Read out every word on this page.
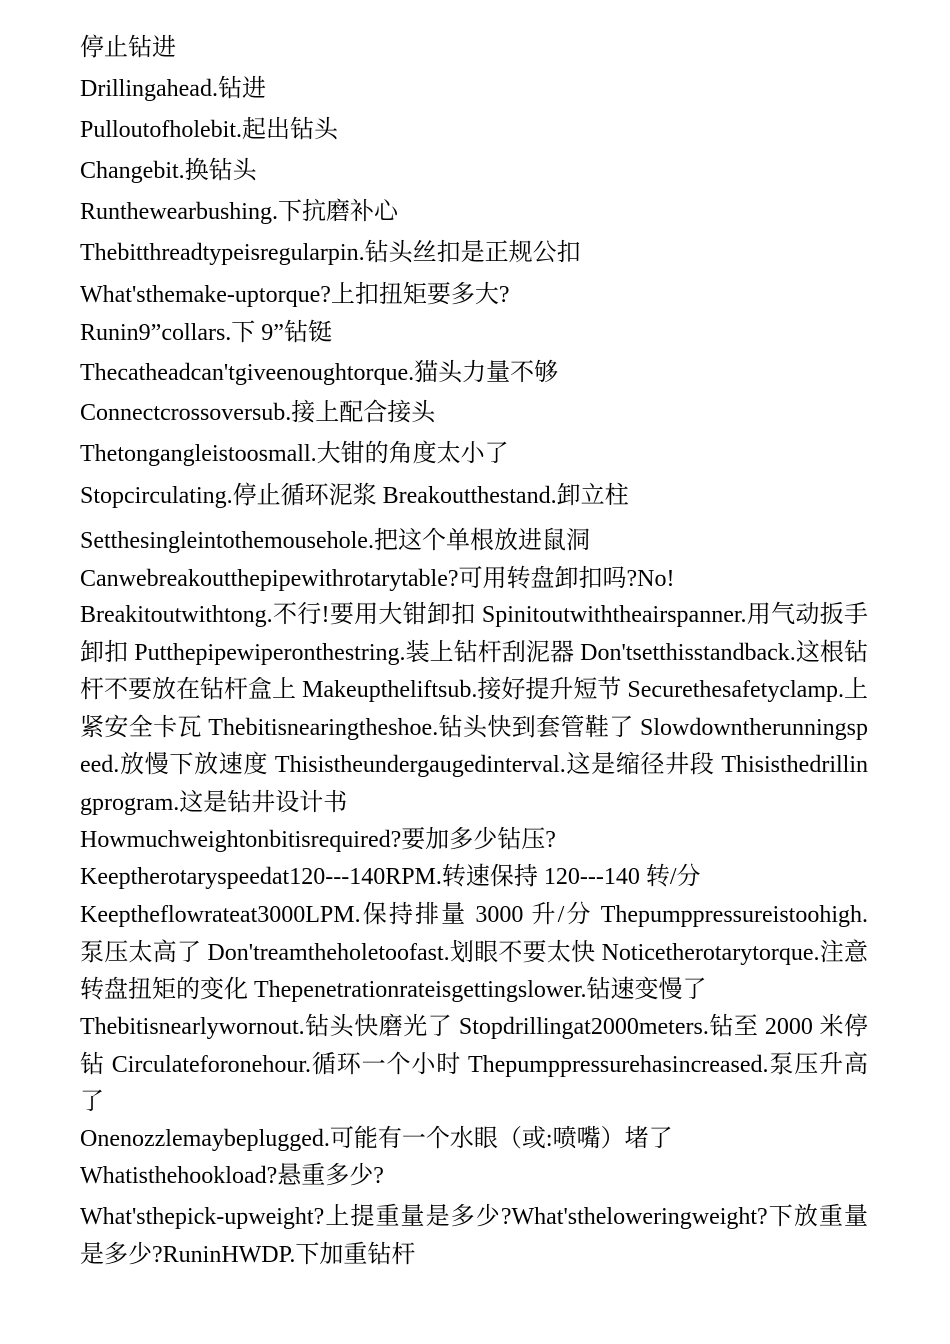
停止钻进

Drillingahead.钻进

Pulloutofholebit.起出钻头

Changebit.换钻头

Runthewearbushing.下抗磨补心

Thebitthreadtypeisregularpin.钻头丝扣是正规公扣

What'sthemake-uptorque?上扣扭矩要多大?

Runin9”collars.下 9”钻铤

Thecatheadcan'tgiveenoughtorque.猫头力量不够

Connectcrossoversub.接上配合接头

Thetongangleistoosmall.大钳的角度太小了

Stopcirculating.停止循环泥浆 Breakoutthestand.卸立柱

Setthesingleintothemousehole.把这个单根放进鼠洞

Canwebreakoutthepipewithrotarytable?可用转盘卸扣吗?No!

Breakitoutwithtong.不行!要用大钳卸扣 Spinitoutwiththeairspanner.用气动扳手卸扣 Putthepipewiperonthestring.装上钻杆刮泥器 Don'tsetthisstandback.这根钻杆不要放在钻杆盒上 Makeuptheliftsub.接好提升短节 Securethesafetyclamp.上紧安全卡瓦 Thebitisnearingtheshoe.钻头快到套管鞋了 Slowdowntherunningspeed.放慢下放速度 Thisistheundergaugedinterval.这是缩径井段 Thisisthedrillingprogram.这是钻井设计书

Howmuchweightonbitisrequired?要加多少钻压?

Keeptherotaryspeedat120---140RPM.转速保持 120---140 转/分

Keeptheflowrateat3000LPM.保持排量 3000 升/分 Thepumppressureistoohigh.泵压太高了 Don'treamtheholetoofast.划眼不要太快 Noticetherotarytorque.注意转盘扭矩的变化 Thepenetrationrateisgettingslower.钻速变慢了

Thebitisnearlywornout.钻头快磨光了 Stopdrillingat2000meters.钻至 2000 米停钻 Circulateforonehour.循环一个小时 Thepumppressurehasincreased.泵压升高了

Onenozzlemaybeplugged.可能有一个水眼（或:喷嘴）堵了

Whatisthehookload?悬重多少?

What'sthepick-upweight?上提重量是多少?What'stheloweringweight?下放重量是多少?RuninHWDP.下加重钻杆
